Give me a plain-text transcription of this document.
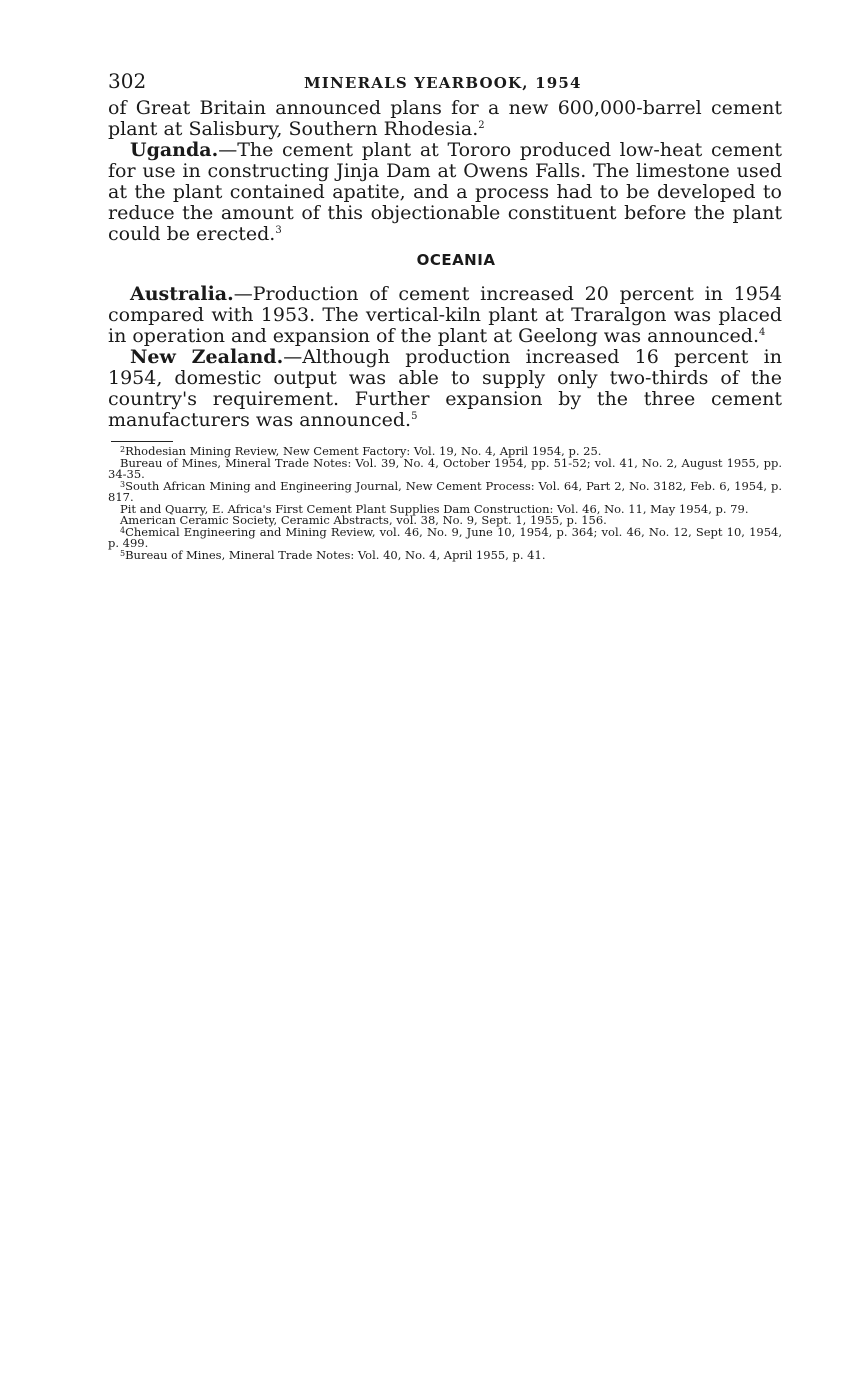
302	MINERALS YEARBOOK, 1954

of Great Britain announced plans for a new 600,000-barrel cement plant at Salisbury, Southern Rhodesia.$^2$

Uganda.—The cement plant at Tororo produced low-heat cement for use in constructing Jinja Dam at Owens Falls. The limestone used at the plant contained apatite, and a process had to be developed to reduce the amount of this objectionable constituent before the plant could be erected.$^3$

OCEANIA

Australia.—Production of cement increased 20 percent in 1954 compared with 1953. The vertical-kiln plant at Traralgon was placed in operation and expansion of the plant at Geelong was announced.$^4$

New Zealand.—Although production increased 16 percent in 1954, domestic output was able to supply only two-thirds of the country's requirement. Further expansion by the three cement manufacturers was announced.$^5$

$^2$Rhodesian Mining Review, New Cement Factory: Vol. 19, No. 4, April 1954, p. 25.

Bureau of Mines, Mineral Trade Notes: Vol. 39, No. 4, October 1954, pp. 51-52; vol. 41, No. 2, August 1955, pp. 34-35.

$^3$South African Mining and Engineering Journal, New Cement Process: Vol. 64, Part 2, No. 3182, Feb. 6, 1954, p. 817.

Pit and Quarry, E. Africa's First Cement Plant Supplies Dam Construction: Vol. 46, No. 11, May 1954, p. 79.

American Ceramic Society, Ceramic Abstracts, vol. 38, No. 9, Sept. 1, 1955, p. 156.

$^4$Chemical Engineering and Mining Review, vol. 46, No. 9, June 10, 1954, p. 364; vol. 46, No. 12, Sept 10, 1954, p. 499.

$^5$Bureau of Mines, Mineral Trade Notes: Vol. 40, No. 4, April 1955, p. 41.
